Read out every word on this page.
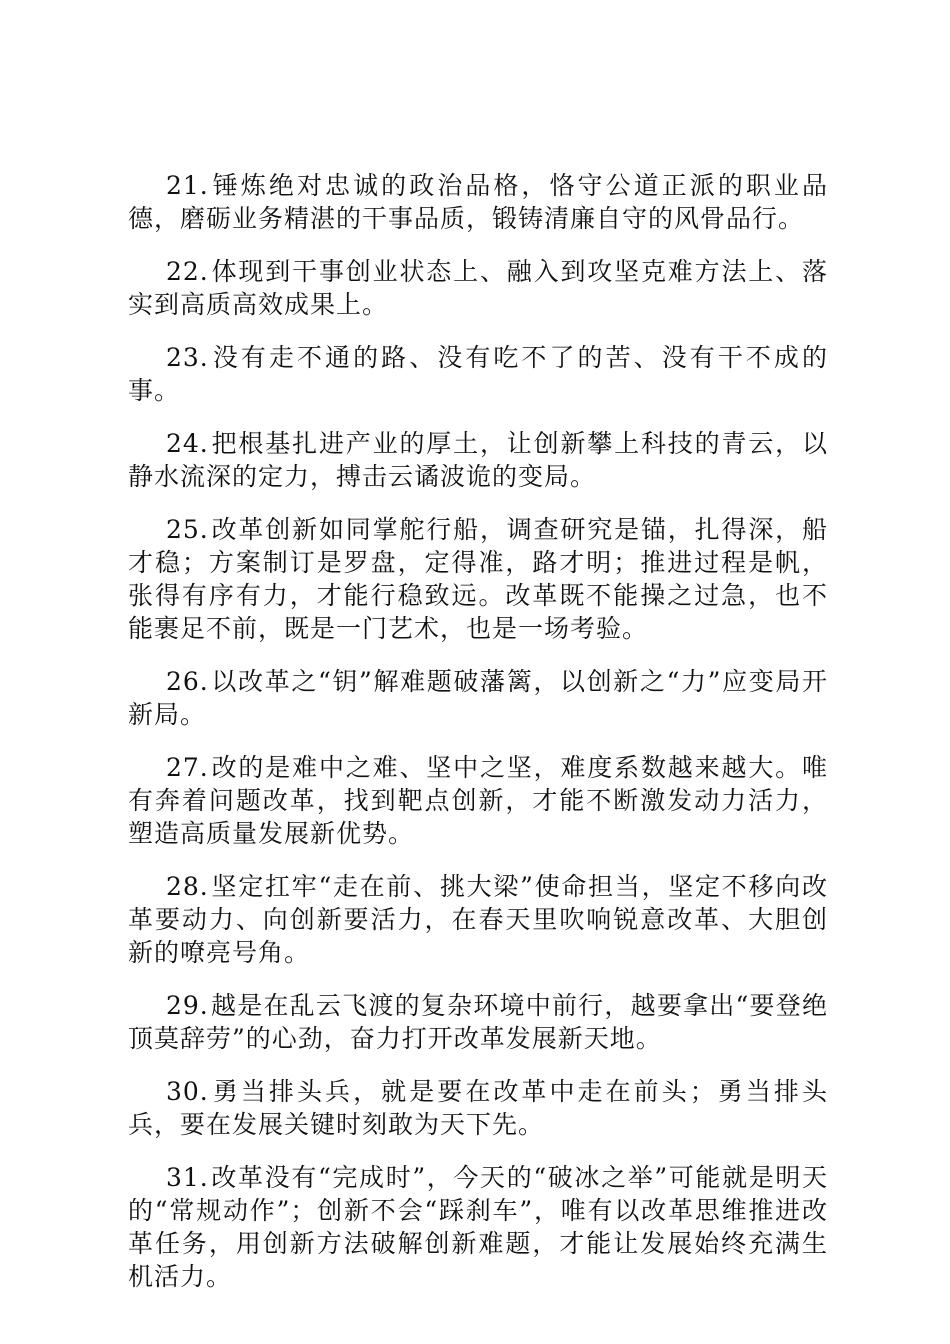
21.锤炼绝对忠诚的政治品格，恪守公道正派的职业品德，磨砺业务精湛的干事品质，锻铸清廉自守的风骨品行。

22.体现到干事创业状态上、融入到攻坚克难方法上、落实到高质高效成果上。

23.没有走不通的路、没有吃不了的苦、没有干不成的事。

24.把根基扎进产业的厚土，让创新攀上科技的青云，以静水流深的定力，搏击云谲波诡的变局。

25.改革创新如同掌舵行船，调查研究是锚，扎得深，船才稳；方案制订是罗盘，定得准，路才明；推进过程是帆，张得有序有力，才能行稳致远。改革既不能操之过急，也不能裹足不前，既是一门艺术，也是一场考验。

26.以改革之“钥”解难题破藩篱，以创新之“力”应变局开新局。

27.改的是难中之难、坚中之坚，难度系数越来越大。唯有奔着问题改革，找到靶点创新，才能不断激发动力活力，塑造高质量发展新优势。

28.坚定扛牢“走在前、挑大梁”使命担当，坚定不移向改革要动力、向创新要活力，在春天里吹响锐意改革、大胆创新的嘹亮号角。

29.越是在乱云飞渡的复杂环境中前行，越要拿出“要登绝顶莫辞劳”的心劲，奋力打开改革发展新天地。

30.勇当排头兵，就是要在改革中走在前头；勇当排头兵，要在发展关键时刻敢为天下先。

31.改革没有“完成时”，今天的“破冰之举”可能就是明天的“常规动作”；创新不会“踩刹车”，唯有以改革思维推进改革任务，用创新方法破解创新难题，才能让发展始终充满生机活力。
